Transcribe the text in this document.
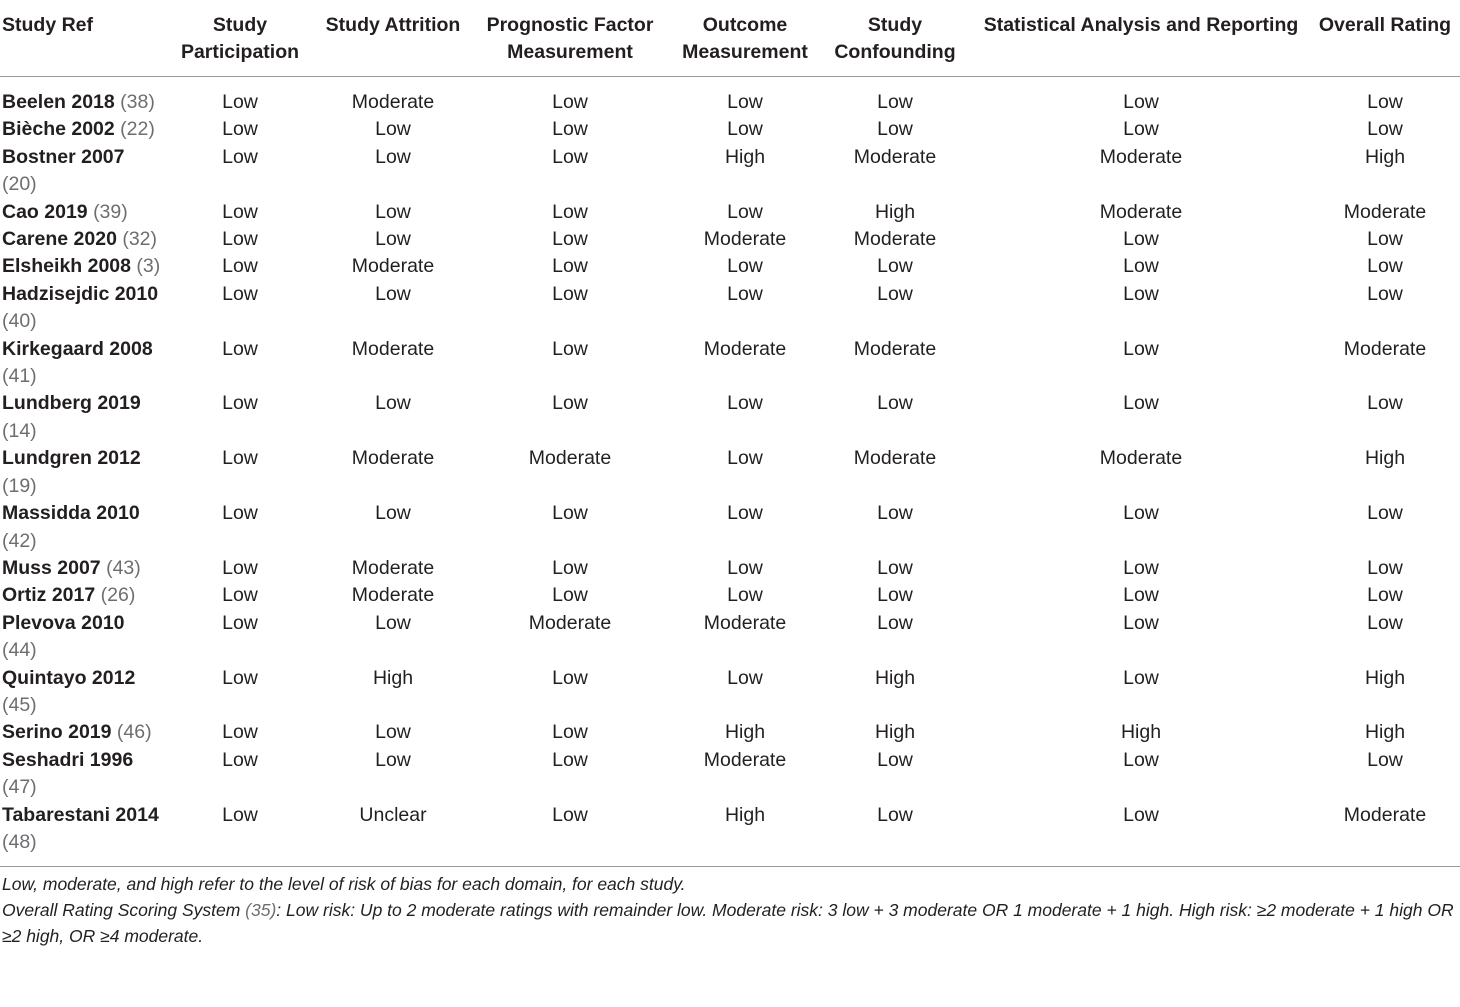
Study Ref	Study Participation	Study Attrition	Prognostic Factor Measurement	Outcome Measurement	Study Confounding	Statistical Analysis and Reporting	Overall Rating
Beelen 2018 (38)	Low	Moderate	Low	Low	Low	Low	Low
Bièche 2002 (22)	Low	Low	Low	Low	Low	Low	Low
Bostner 2007 (20)	Low	Low	Low	High	Moderate	Moderate	High
Cao 2019 (39)	Low	Low	Low	Low	High	Moderate	Moderate
Carene 2020 (32)	Low	Low	Low	Moderate	Moderate	Low	Low
Elsheikh 2008 (3)	Low	Moderate	Low	Low	Low	Low	Low
Hadzisejdic 2010 (40)	Low	Low	Low	Low	Low	Low	Low
Kirkegaard 2008 (41)	Low	Moderate	Low	Moderate	Moderate	Low	Moderate
Lundberg 2019 (14)	Low	Low	Low	Low	Low	Low	Low
Lundgren 2012 (19)	Low	Moderate	Moderate	Low	Moderate	Moderate	High
Massidda 2010 (42)	Low	Low	Low	Low	Low	Low	Low
Muss 2007 (43)	Low	Moderate	Low	Low	Low	Low	Low
Ortiz 2017 (26)	Low	Moderate	Low	Low	Low	Low	Low
Plevova 2010 (44)	Low	Low	Moderate	Moderate	Low	Low	Low
Quintayo 2012 (45)	Low	High	Low	Low	High	Low	High
Serino 2019 (46)	Low	Low	Low	High	High	High	High
Seshadri 1996 (47)	Low	Low	Low	Moderate	Low	Low	Low
Tabarestani 2014 (48)	Low	Unclear	Low	High	Low	Low	Moderate

Low, moderate, and high refer to the level of risk of bias for each domain, for each study.

Overall Rating Scoring System (35): Low risk: Up to 2 moderate ratings with remainder low. Moderate risk: 3 low + 3 moderate OR 1 moderate + 1 high. High risk: ≥2 moderate + 1 high OR ≥2 high, OR ≥4 moderate.							
